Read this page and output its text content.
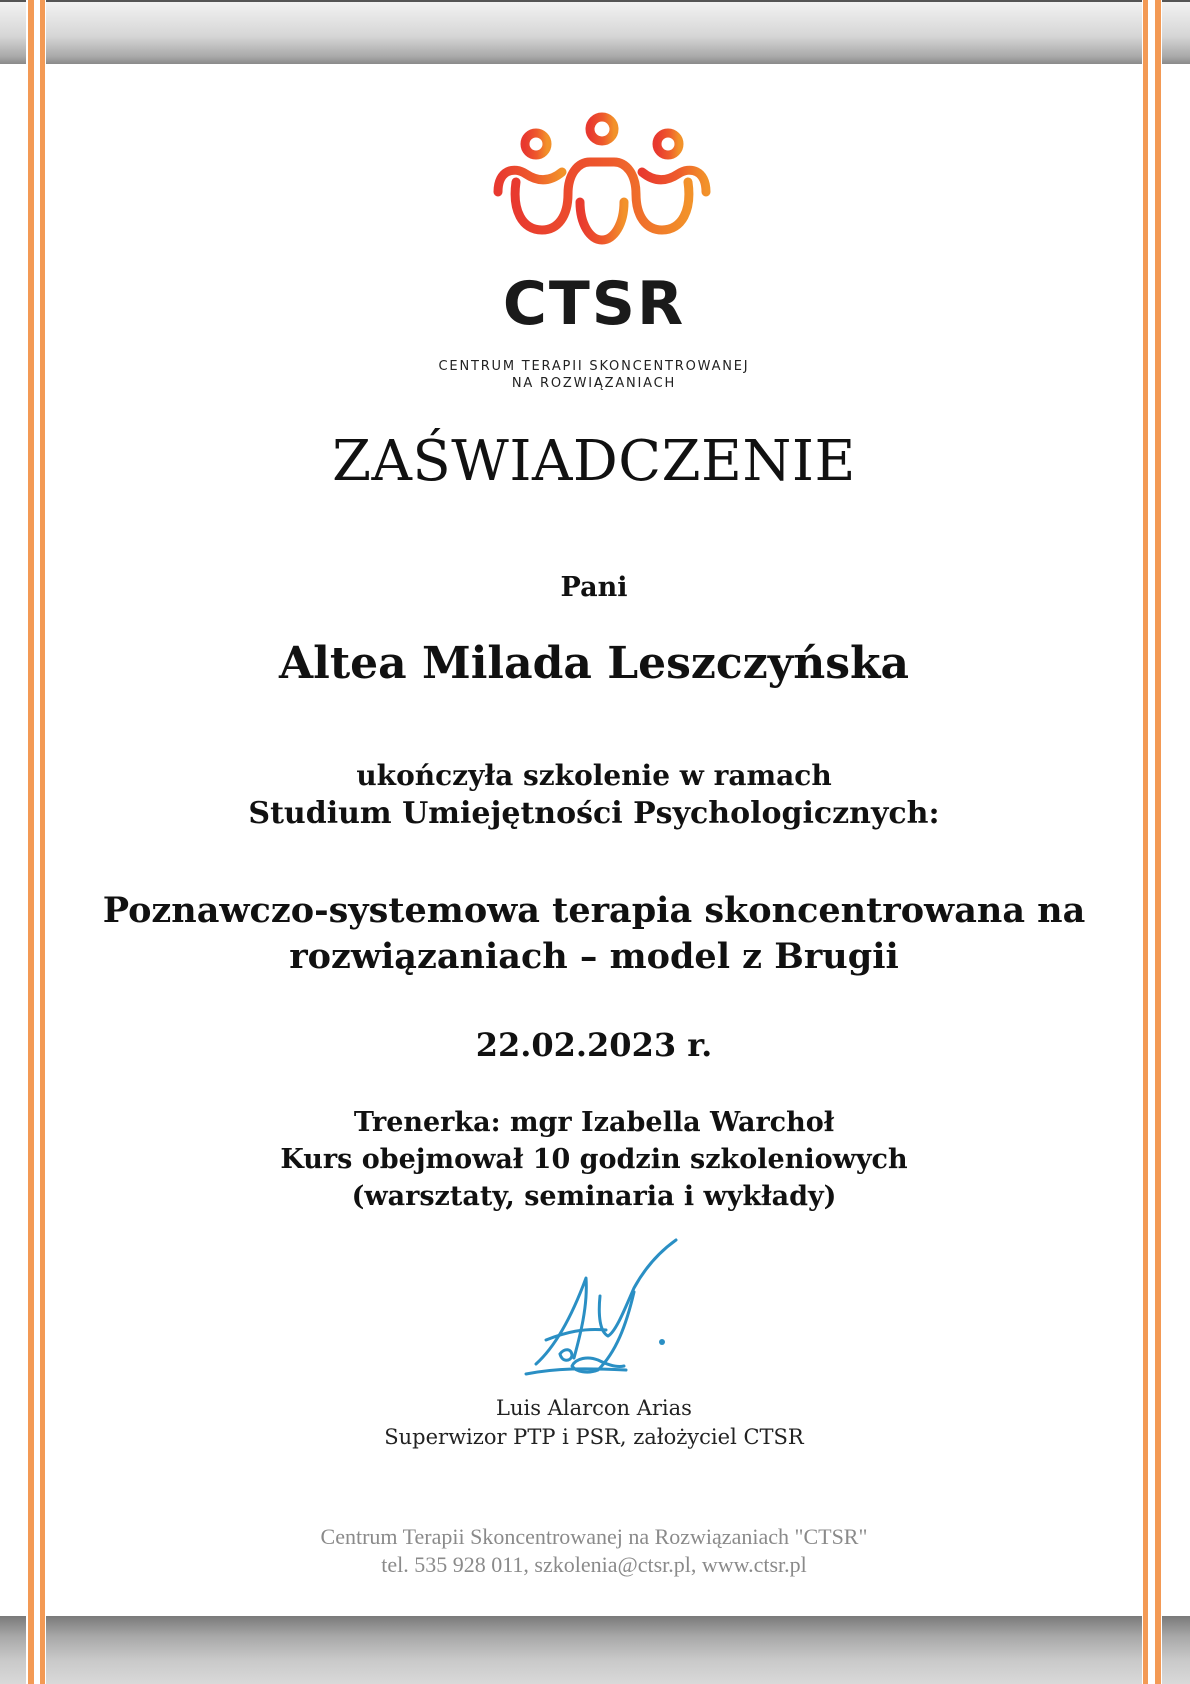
CTSR
CENTRUM TERAPII SKONCENTROWANEJ
NA ROZWIĄZANIACH
ZAŚWIADCZENIE
Pani
Altea Milada Leszczyńska
ukończyła szkolenie w ramach
Studium Umiejętności Psychologicznych:
Poznawczo-systemowa terapia skoncentrowana na
rozwiązaniach – model z Brugii
22.02.2023 r.
Trenerka: mgr Izabella Warchoł
Kurs obejmował 10 godzin szkoleniowych
(warsztaty, seminaria i wykłady)
Luis Alarcon Arias
Superwizor PTP i PSR, założyciel CTSR
Centrum Terapii Skoncentrowanej na Rozwiązaniach "CTSR"
tel. 535 928 011, szkolenia@ctsr.pl, www.ctsr.pl
